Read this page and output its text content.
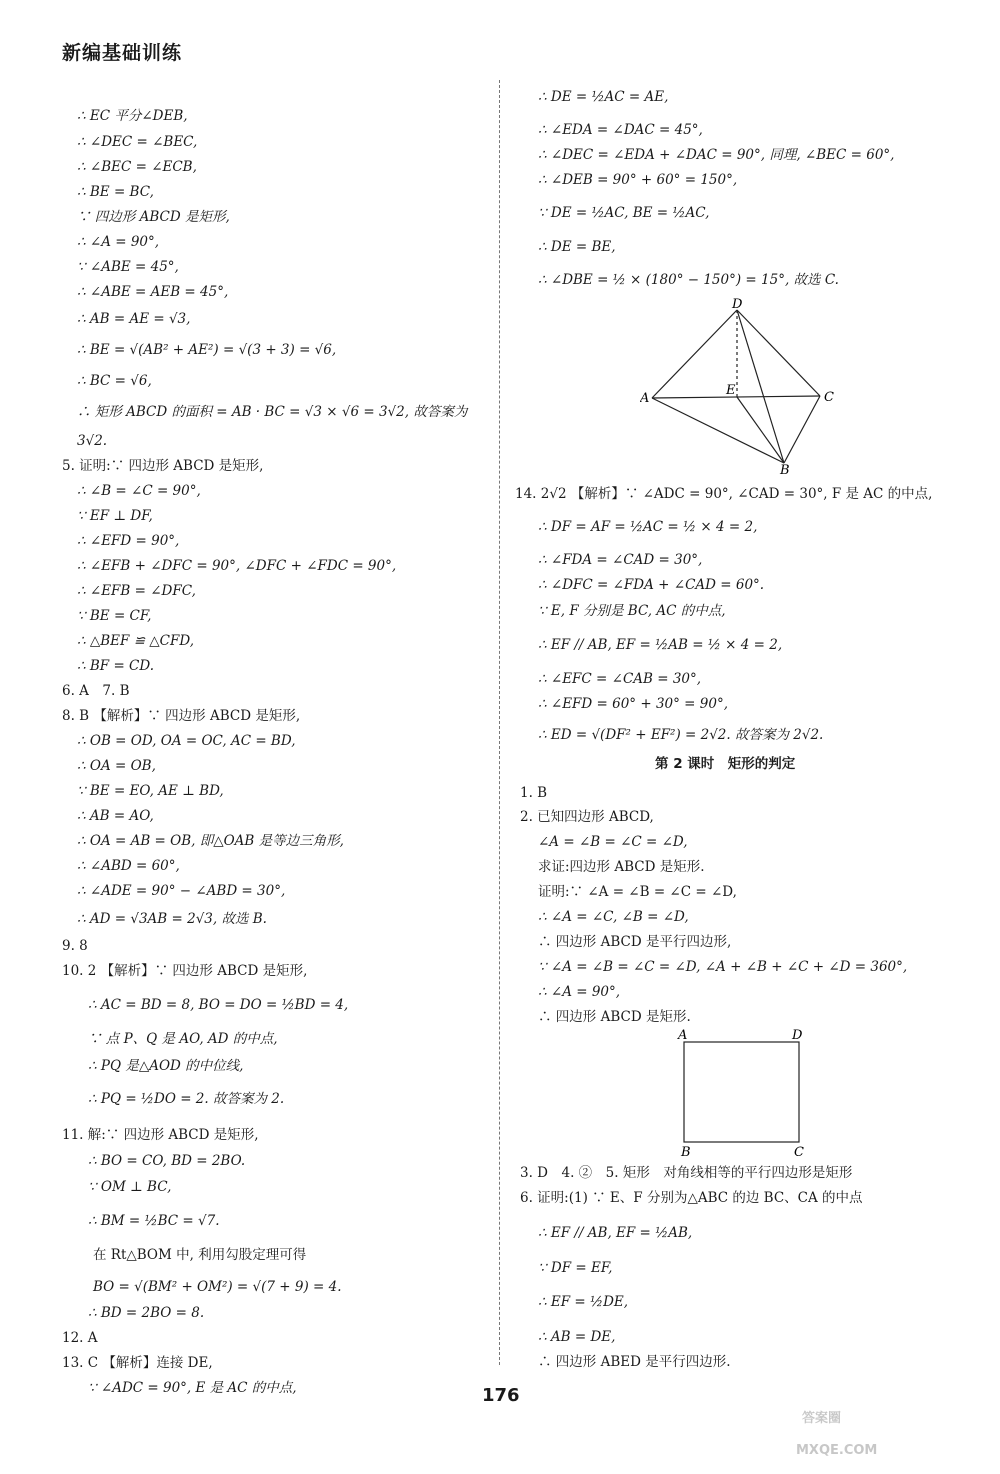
新编基础训练
∴ EC 平分∠DEB,
∴ ∠DEC = ∠BEC,
∴ ∠BEC = ∠ECB,
∴ BE = BC,
∵ 四边形 ABCD 是矩形,
∴ ∠A = 90°,
∵ ∠ABE = 45°,
∴ ∠ABE = AEB = 45°,
∴ AB = AE = √3,
∴ BE = √(AB² + AE²) = √(3 + 3) = √6,
∴ BC = √6,
∴ 矩形 ABCD 的面积 = AB · BC = √3 × √6 = 3√2, 故答案为
3√2.
5. 证明:∵ 四边形 ABCD 是矩形,
∴ ∠B = ∠C = 90°,
∵ EF ⊥ DF,
∴ ∠EFD = 90°,
∴ ∠EFB + ∠DFC = 90°, ∠DFC + ∠FDC = 90°,
∴ ∠EFB = ∠DFC,
∵ BE = CF,
∴ △BEF ≌ △CFD,
∴ BF = CD.
6. A　7. B
8. B 【解析】∵ 四边形 ABCD 是矩形,
∴ OB = OD, OA = OC, AC = BD,
∴ OA = OB,
∵ BE = EO, AE ⊥ BD,
∴ AB = AO,
∴ OA = AB = OB, 即△OAB 是等边三角形,
∴ ∠ABD = 60°,
∴ ∠ADE = 90° − ∠ABD = 30°,
∴ AD = √3AB = 2√3, 故选 B.
9. 8
10. 2 【解析】∵ 四边形 ABCD 是矩形,
∴ AC = BD = 8, BO = DO = ½BD = 4,
∵ 点 P、Q 是 AO, AD 的中点,
∴ PQ 是△AOD 的中位线,
∴ PQ = ½DO = 2. 故答案为 2.
11. 解:∵ 四边形 ABCD 是矩形,
∴ BO = CO, BD = 2BO.
∵ OM ⊥ BC,
∴ BM = ½BC = √7.
在 Rt△BOM 中, 利用勾股定理可得
BO = √(BM² + OM²) = √(7 + 9) = 4.
∴ BD = 2BO = 8.
12. A
13. C 【解析】连接 DE,
∵ ∠ADC = 90°, E 是 AC 的中点,
∴ DE = ½AC = AE,
∴ ∠EDA = ∠DAC = 45°,
∴ ∠DEC = ∠EDA + ∠DAC = 90°, 同理, ∠BEC = 60°,
∴ ∠DEB = 90° + 60° = 150°,
∵ DE = ½AC, BE = ½AC,
∴ DE = BE,
∴ ∠DBE = ½ × (180° − 150°) = 15°, 故选 C.
D
A
E	C
B
14. 2√2 【解析】∵ ∠ADC = 90°, ∠CAD = 30°, F 是 AC 的中点,
∴ DF = AF = ½AC = ½ × 4 = 2,
∴ ∠FDA = ∠CAD = 30°,
∴ ∠DFC = ∠FDA + ∠CAD = 60°.
∵ E, F 分别是 BC, AC 的中点,
∴ EF // AB, EF = ½AB = ½ × 4 = 2,
∴ ∠EFC = ∠CAB = 30°,
∴ ∠EFD = 60° + 30° = 90°,
∴ ED = √(DF² + EF²) = 2√2. 故答案为 2√2.
第 2 课时　矩形的判定
1. B
2. 已知四边形 ABCD,
∠A = ∠B = ∠C = ∠D,
求证:四边形 ABCD 是矩形.
证明:∵ ∠A = ∠B = ∠C = ∠D,
∴ ∠A = ∠C, ∠B = ∠D,
∴ 四边形 ABCD 是平行四边形,
∵ ∠A = ∠B = ∠C = ∠D, ∠A + ∠B + ∠C + ∠D = 360°,
∴ ∠A = 90°,
∴ 四边形 ABCD 是矩形.
A	D
B	C
3. D　4. ②　5. 矩形　对角线相等的平行四边形是矩形
6. 证明:(1) ∵ E、F 分别为△ABC 的边 BC、CA 的中点
∴ EF // AB, EF = ½AB,
∵ DF = EF,
∴ EF = ½DE,
∴ AB = DE,
∴ 四边形 ABED 是平行四边形.
176
答案圈
MXQE.COM
